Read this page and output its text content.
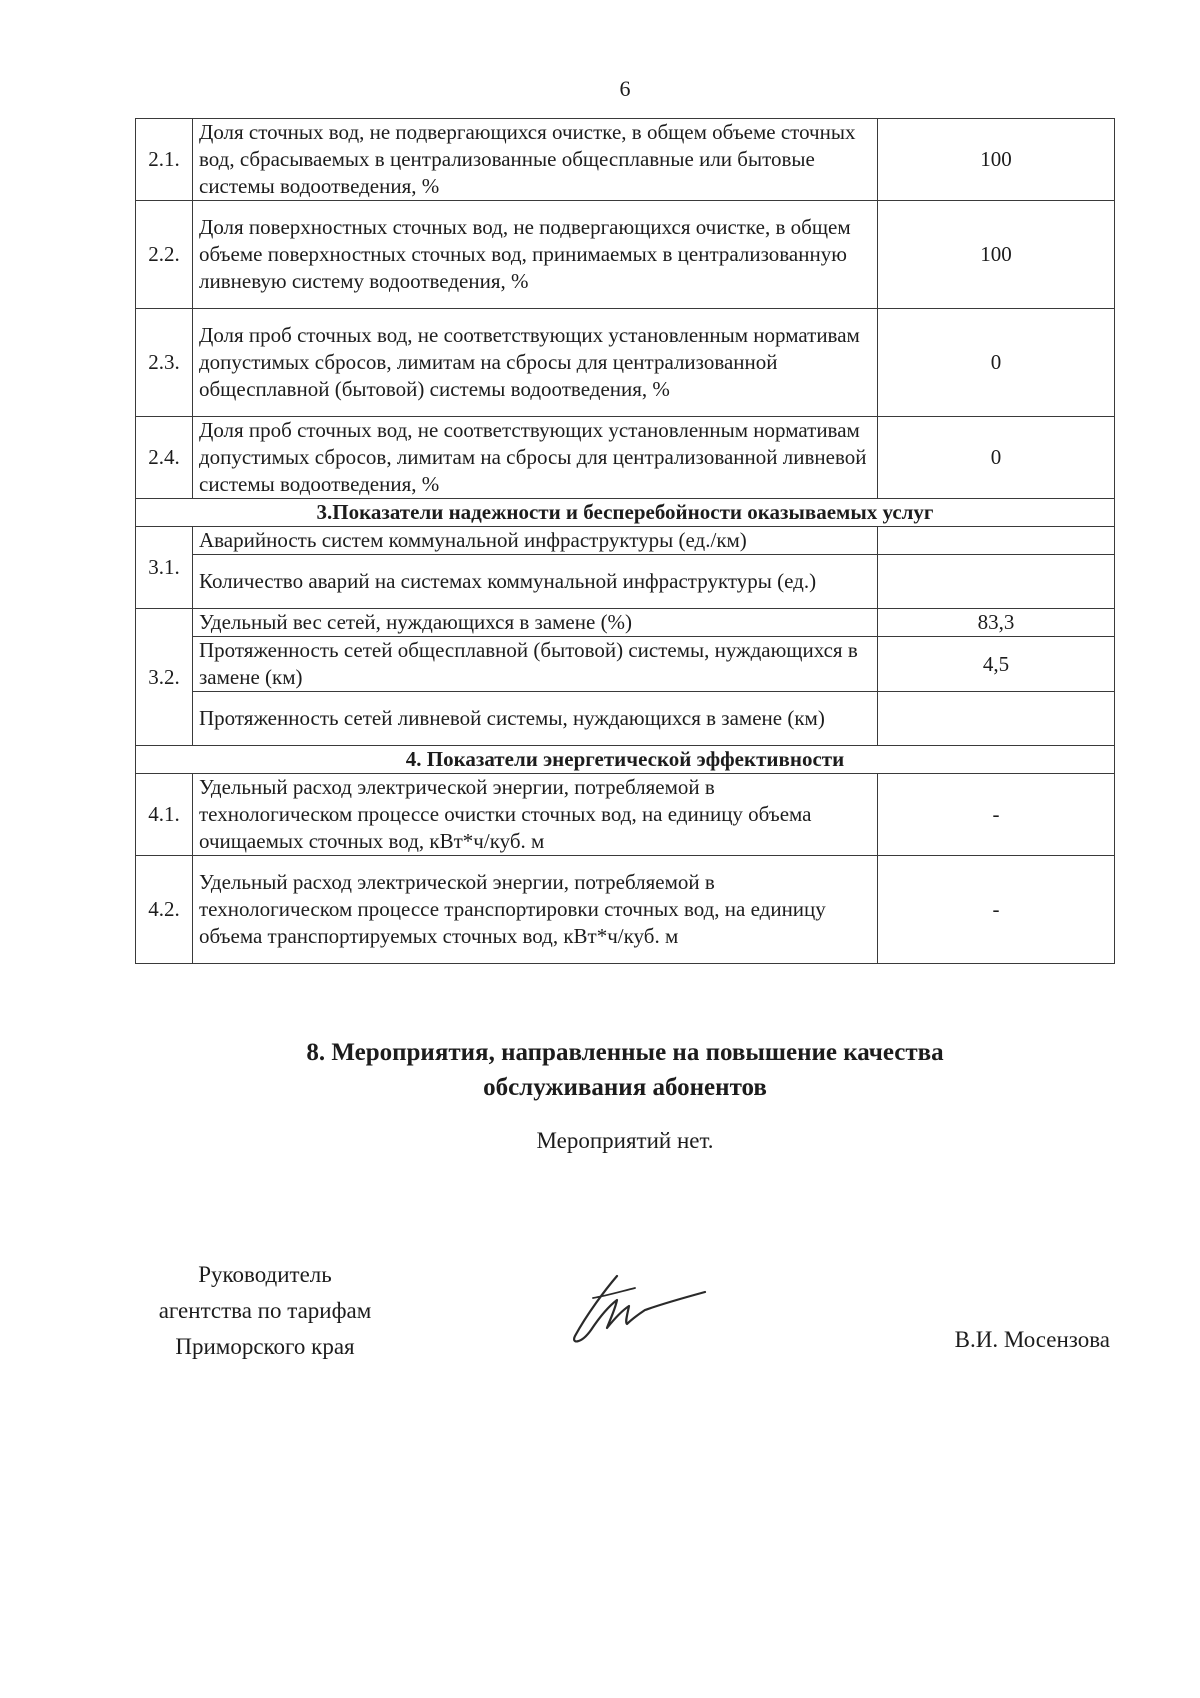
6
2.1.	Доля сточных вод, не подвергающихся очистке, в общем объеме сточных вод, сбрасываемых в централизованные общесплавные или бытовые системы водоотведения, %	100
2.2.	Доля поверхностных сточных вод, не подвергающихся очистке, в общем объеме поверхностных сточных вод, принимаемых в централизованную ливневую систему водоотведения, %	100
2.3.	Доля проб сточных вод, не соответствующих установленным нормативам допустимых сбросов, лимитам на сбросы для централизованной общесплавной (бытовой) системы водоотведения, %	0
2.4.	Доля проб сточных вод, не соответствующих установленным нормативам допустимых сбросов, лимитам на сбросы для централизованной ливневой системы водоотведения, %	0
3.Показатели надежности и бесперебойности оказываемых услуг		
3.1.	Аварийность систем коммунальной инфраструктуры (ед./км)	
	Количество аварий на системах коммунальной инфраструктуры (ед.)	
3.2.	Удельный вес сетей, нуждающихся в замене (%)	83,3
	Протяженность сетей общесплавной (бытовой) системы, нуждающихся в замене (км)	4,5
	Протяженность сетей ливневой системы, нуждающихся в замене (км)	
4. Показатели энергетической эффективности		
4.1.	Удельный расход электрической энергии, потребляемой в технологическом процессе очистки сточных вод, на единицу объема очищаемых сточных вод, кВт*ч/куб. м	-
4.2.	Удельный расход электрической энергии, потребляемой в технологическом процессе транспортировки сточных вод, на единицу объема транспортируемых сточных вод, кВт*ч/куб. м	-
8. Мероприятия, направленные на повышение качества
обслуживания абонентов
Мероприятий нет.
Руководитель
агентства по тарифам
Приморского края	В.И. Мосензова
